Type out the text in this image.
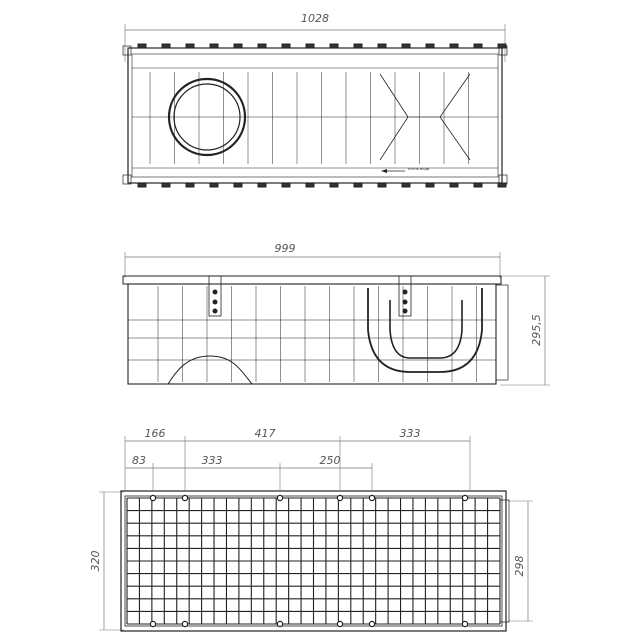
1028
ПОТОК ВОДЫ
999
295,5
166	417	333
83	333	250
320	298
